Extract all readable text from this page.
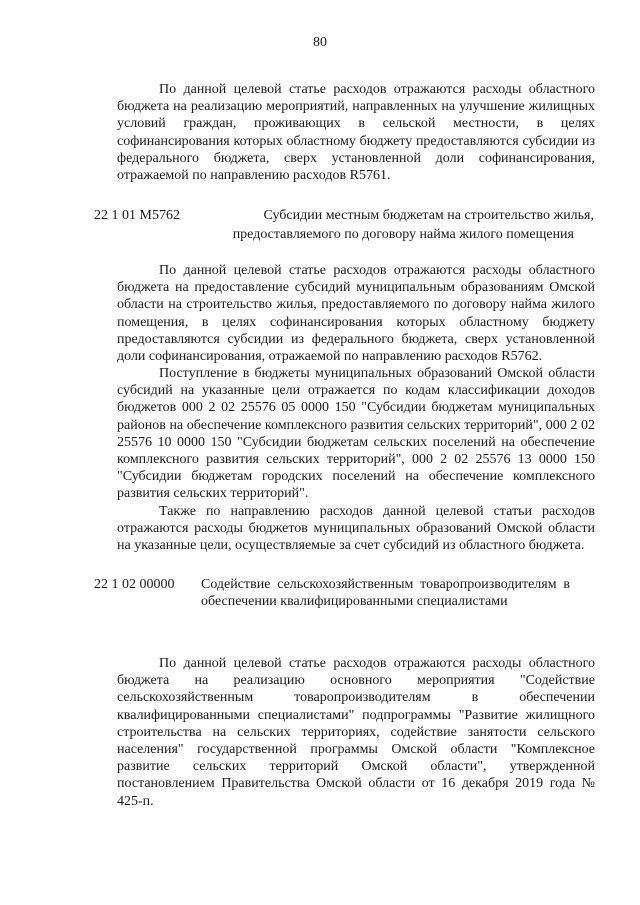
80

По данной целевой статье расходов отражаются расходы областного бюджета на реализацию мероприятий, направленных на улучшение жилищных условий граждан, проживающих в сельской местности, в целях софинансирования которых областному бюджету предоставляются субсидии из федерального бюджета, сверх установленной доли софинансирования, отражаемой по направлению расходов R5761.

22 1 01 M5762	Субсидии местным бюджетам на строительство жилья,
предоставляемого по договору найма жилого помещения

По данной целевой статье расходов отражаются расходы областного бюджета на предоставление субсидий муниципальным образованиям Омской области на строительство жилья, предоставляемого по договору найма жилого помещения, в целях софинансирования которых областному бюджету предоставляются субсидии из федерального бюджета, сверх установленной доли софинансирования, отражаемой по направлению расходов R5762.

Поступление в бюджеты муниципальных образований Омской области субсидий на указанные цели отражается по кодам классификации доходов бюджетов 000 2 02 25576 05 0000 150 "Субсидии бюджетам муниципальных районов на обеспечение комплексного развития сельских территорий", 000 2 02 25576 10 0000 150 "Субсидии бюджетам сельских поселений на обеспечение комплексного развития сельских территорий", 000 2 02 25576 13 0000 150 "Субсидии бюджетам городских поселений на обеспечение комплексного развития сельских территорий".

Также по направлению расходов данной целевой статьи расходов отражаются расходы бюджетов муниципальных образований Омской области на указанные цели, осуществляемые за счет субсидий из областного бюджета.

22 1 02 00000 Содействие сельскохозяйственным товаропроизводителям в обеспечении квалифицированными специалистами

По данной целевой статье расходов отражаются расходы областного бюджета на реализацию основного мероприятия "Содействие сельскохозяйственным товаропроизводителям в обеспечении квалифицированными специалистами" подпрограммы "Развитие жилищного строительства на сельских территориях, содействие занятости сельского населения" государственной программы Омской области "Комплексное развитие сельских территорий Омской области", утвержденной постановлением Правительства Омской области от 16 декабря 2019 года № 425-п.
